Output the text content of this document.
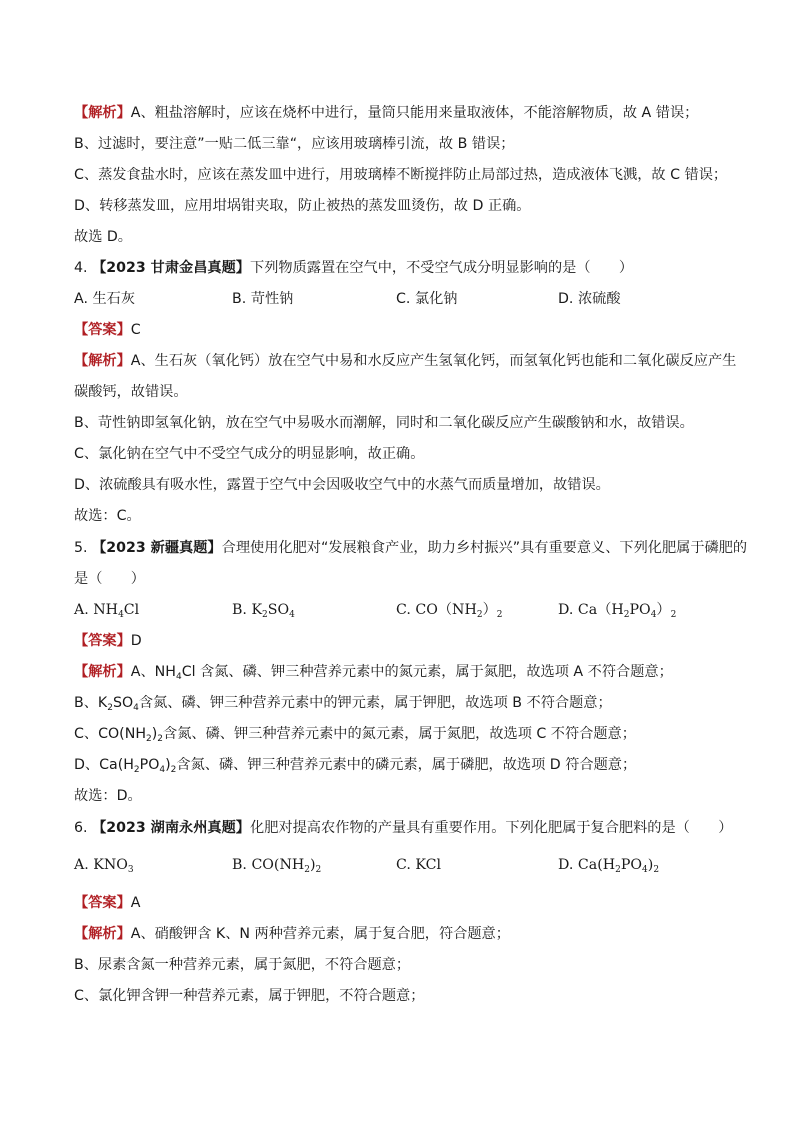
【解析】A、粗盐溶解时，应该在烧杯中进行，量筒只能用来量取液体，不能溶解物质，故 A 错误；
B、过滤时，要注意”一贴二低三靠“，应该用玻璃棒引流，故 B 错误；
C、蒸发食盐水时，应该在蒸发皿中进行，用玻璃棒不断搅拌防止局部过热，造成液体飞溅，故 C 错误；
D、转移蒸发皿，应用坩埚钳夹取，防止被热的蒸发皿烫伤，故 D 正确。
故选 D。
4. 【2023 甘肃金昌真题】下列物质露置在空气中，不受空气成分明显影响的是（　　）
A. 生石灰	B. 苛性钠	C. 氯化钠	D. 浓硫酸
【答案】C
【解析】A、生石灰（氧化钙）放在空气中易和水反应产生氢氧化钙，而氢氧化钙也能和二氧化碳反应产生
碳酸钙，故错误。
B、苛性钠即氢氧化钠，放在空气中易吸水而潮解，同时和二氧化碳反应产生碳酸钠和水，故错误。
C、氯化钠在空气中不受空气成分的明显影响，故正确。
D、浓硫酸具有吸水性，露置于空气中会因吸收空气中的水蒸气而质量增加，故错误。
故选：C。
5. 【2023 新疆真题】合理使用化肥对“发展粮食产业，助力乡村振兴”具有重要意义、下列化肥属于磷肥的
是（　　）
A. $NH_4Cl$	B. $K_2SO_4$	C. $CO(NH_2)_2$	D. $Ca(H_2PO_4)_2$
【答案】D
【解析】A、$NH_4Cl$ 含氮、磷、钾三种营养元素中的氮元素，属于氮肥，故选项 A 不符合题意；
B、$K_2SO_4$含氮、磷、钾三种营养元素中的钾元素，属于钾肥，故选项 B 不符合题意；
C、$CO(NH_2)_2$含氮、磷、钾三种营养元素中的氮元素，属于氮肥，故选项 C 不符合题意；
D、$Ca(H_2PO_4)_2$含氮、磷、钾三种营养元素中的磷元素，属于磷肥，故选项 D 符合题意；
故选：D。
6. 【2023 湖南永州真题】化肥对提高农作物的产量具有重要作用。下列化肥属于复合肥料的是（　　）
A. $KNO_3$	B. $CO(NH_2)_2$	C. KCl	D. $Ca(H_2PO_4)_2$
【答案】A
【解析】A、硝酸钾含 K、N 两种营养元素，属于复合肥，符合题意；
B、尿素含氮一种营养元素，属于氮肥，不符合题意；
C、氯化钾含钾一种营养元素，属于钾肥，不符合题意；
